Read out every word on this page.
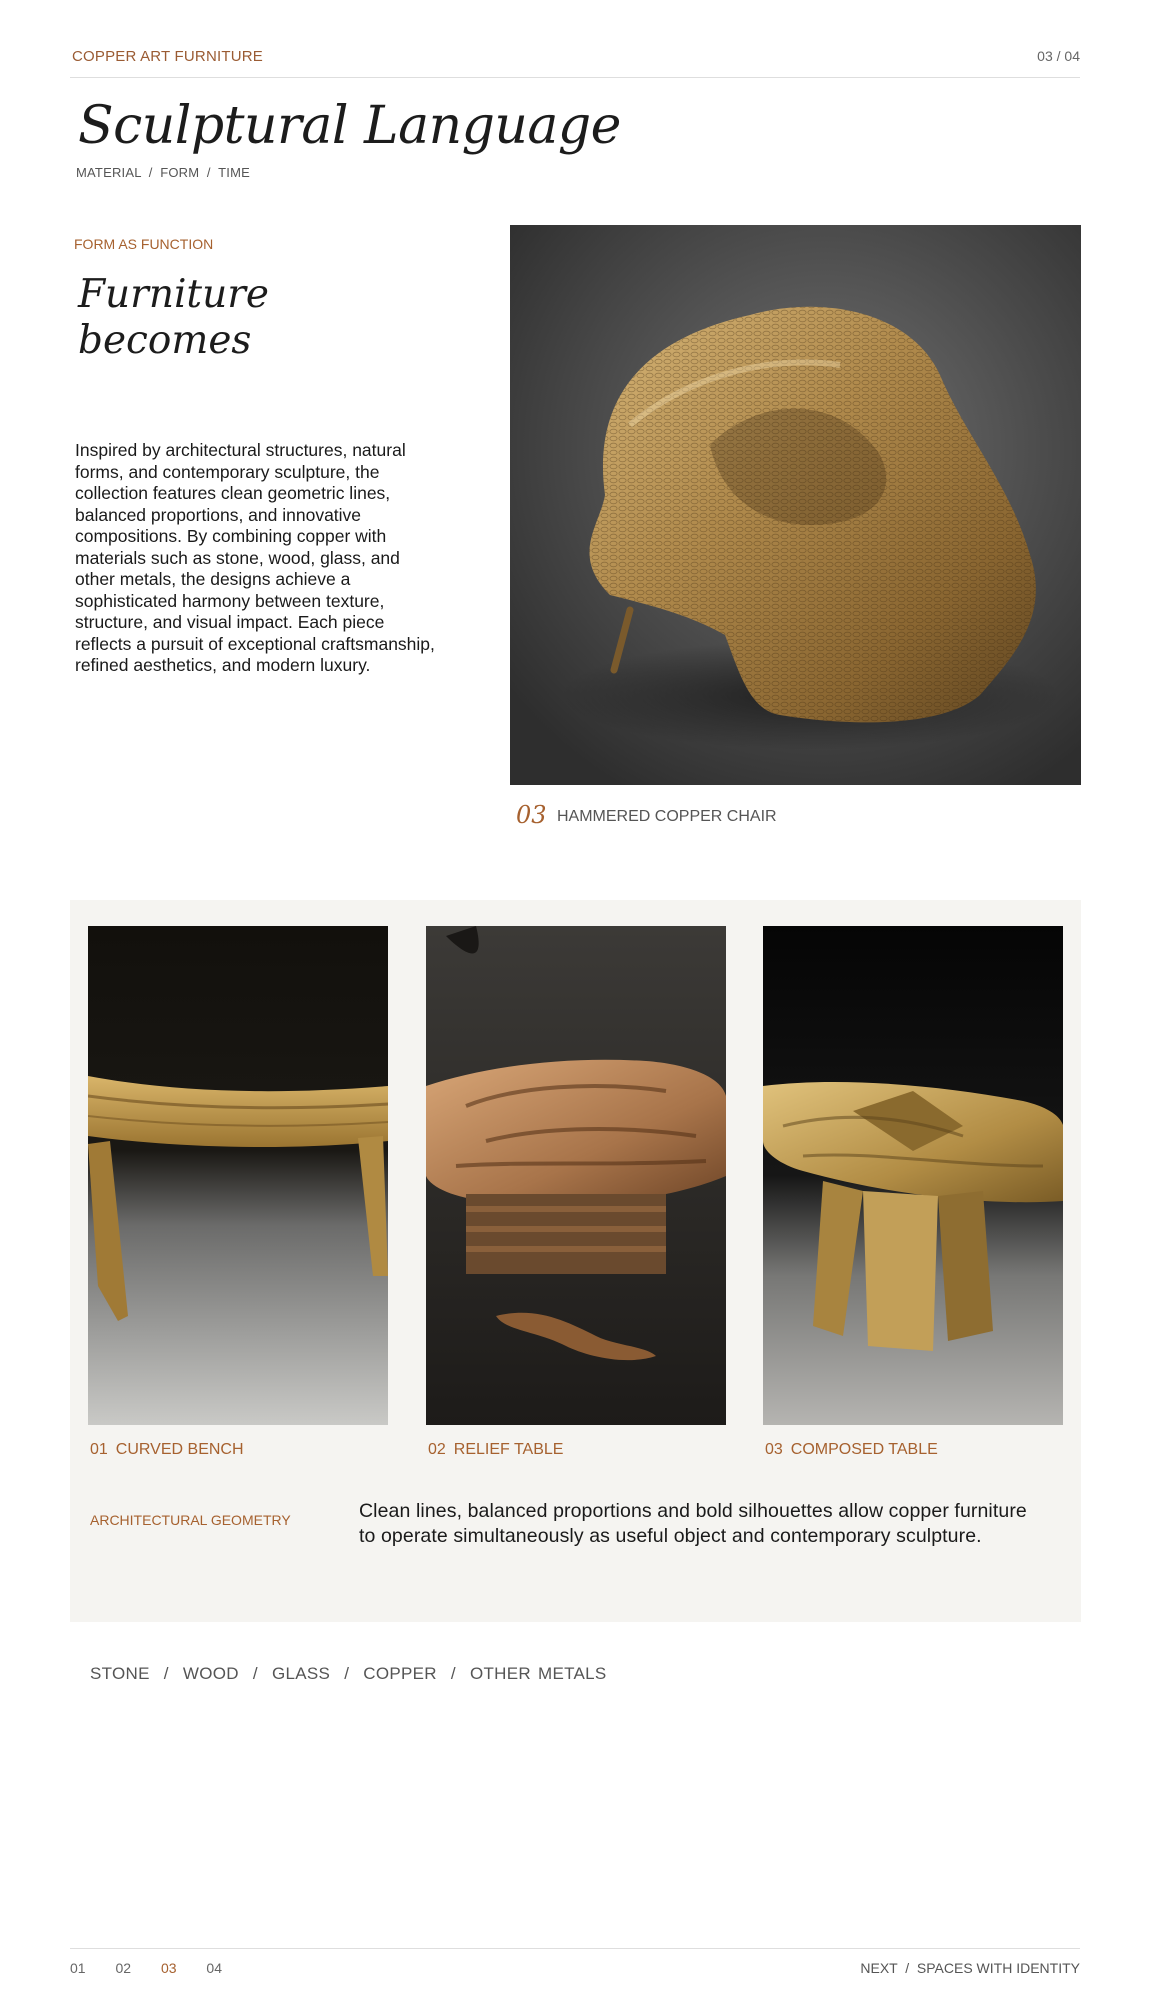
COPPER ART FURNITURE	03 / 04
Sculptural Language
MATERIAL  /  FORM  /  TIME
FORM AS FUNCTION
Furniture
becomes

Inspired by architectural structures, natural forms, and contemporary sculpture, the collection features clean geometric lines, balanced proportions, and innovative compositions. By combining copper with materials such as stone, wood, glass, and other metals, the designs achieve a sophisticated harmony between texture, structure, and visual impact. Each piece reflects a pursuit of exceptional craftsmanship, refined aesthetics, and modern luxury.

03 HAMMERED COPPER CHAIR
01 CURVED BENCH	02 RELIEF TABLE	03 COMPOSED TABLE
ARCHITECTURAL GEOMETRY	Clean lines, balanced proportions and bold silhouettes allow copper furniture to operate simultaneously as useful object and contemporary sculpture.

STONE  /  WOOD  /  GLASS  /  COPPER  /  OTHER METALS
01 02 03 04	NEXT  /  SPACES WITH IDENTITY
